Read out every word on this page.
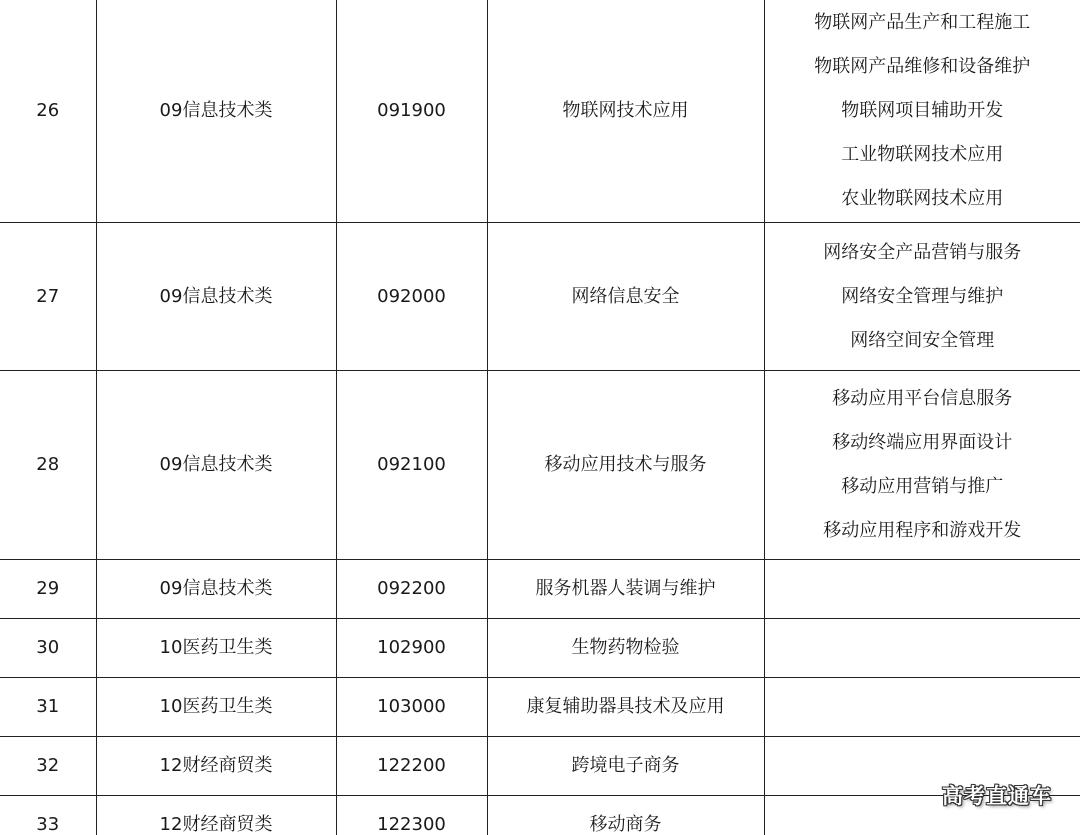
26	09信息技术类	091900	物联网技术应用	物联网产品生产和工程施工
物联网产品维修和设备维护
物联网项目辅助开发
工业物联网技术应用
农业物联网技术应用

27	09信息技术类	092000	网络信息安全	网络安全产品营销与服务
网络安全管理与维护
网络空间安全管理

28	09信息技术类	092100	移动应用技术与服务	移动应用平台信息服务
移动终端应用界面设计
移动应用营销与推广
移动应用程序和游戏开发

29	09信息技术类	092200	服务机器人装调与维护	
30	10医药卫生类	102900	生物药物检验	
31	10医药卫生类	103000	康复辅助器具技术及应用	
32	12财经商贸类	122200	跨境电子商务	
33	12财经商贸类	122300	移动商务	
高考直通车
